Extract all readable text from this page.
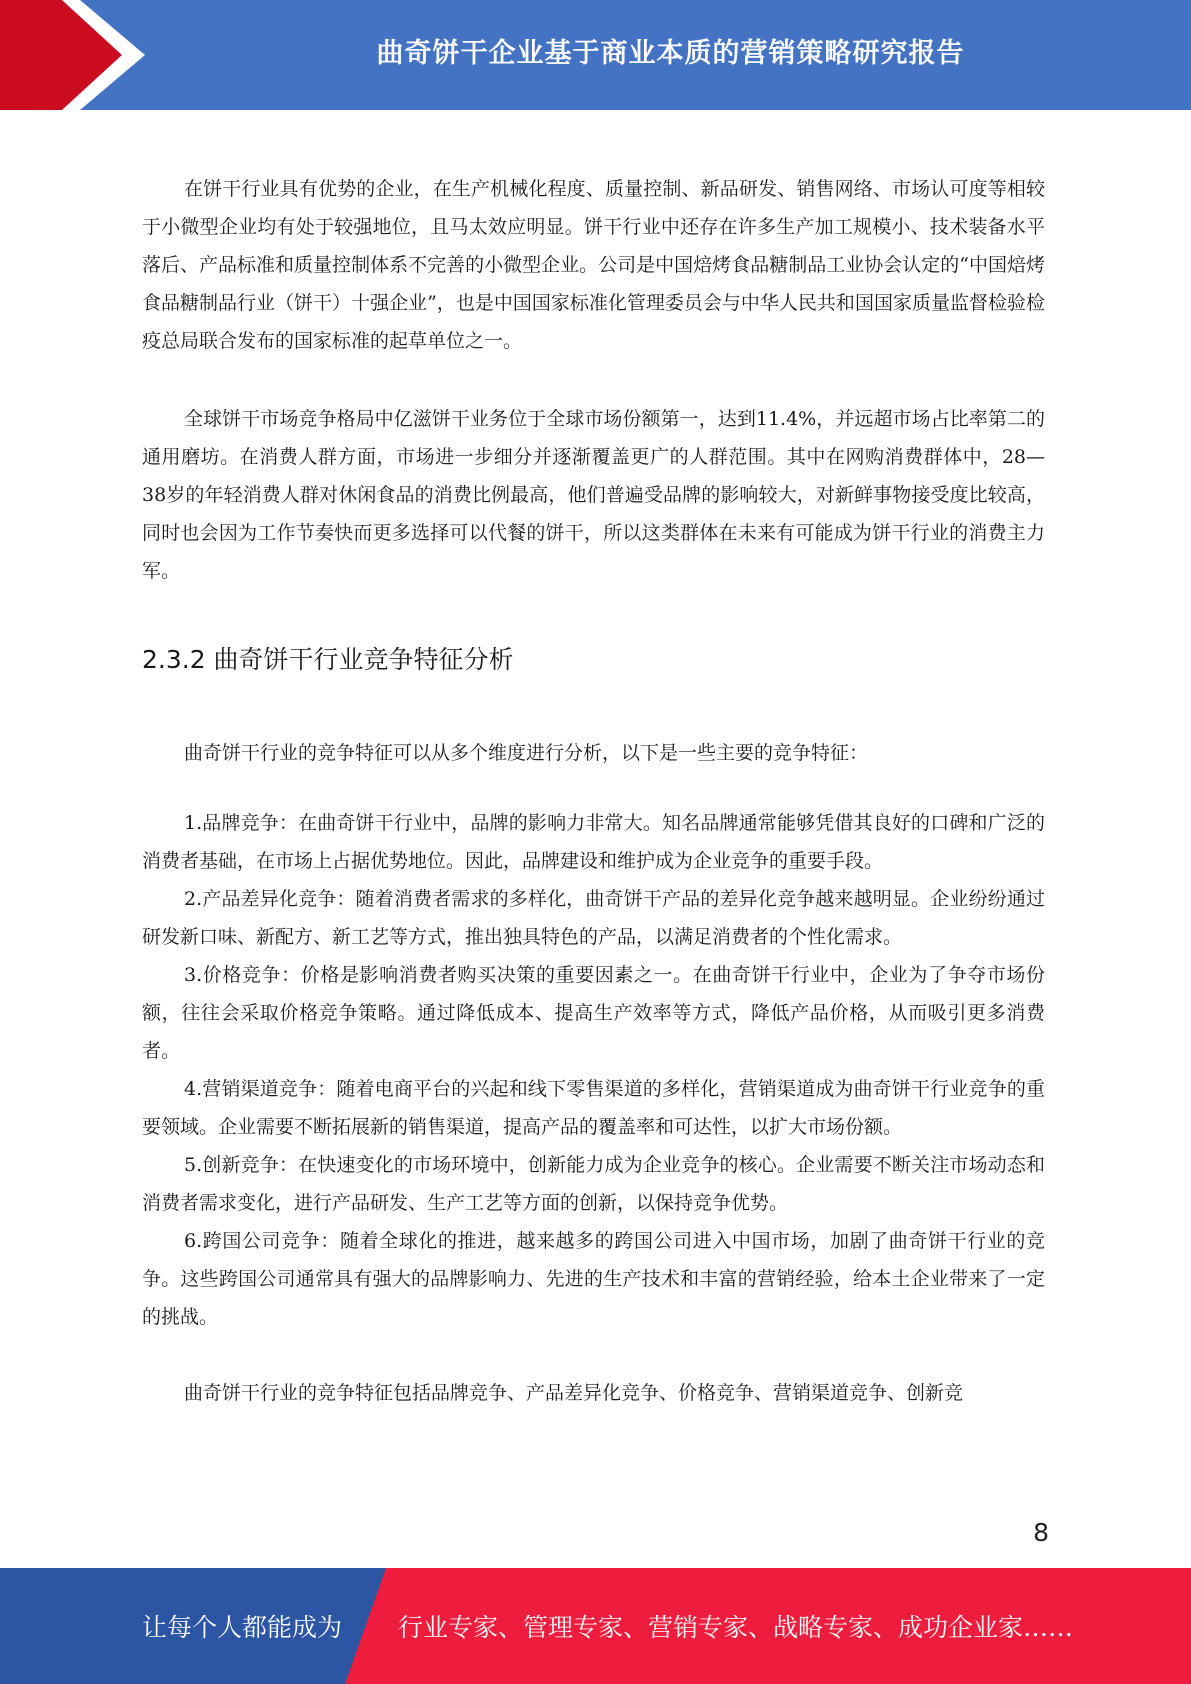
曲奇饼干企业基于商业本质的营销策略研究报告

在饼干行业具有优势的企业，在生产机械化程度、质量控制、新品研发、销售网络、市场认可度等相较于小微型企业均有处于较强地位，且马太效应明显。饼干行业中还存在许多生产加工规模小、技术装备水平落后、产品标准和质量控制体系不完善的小微型企业。公司是中国焙烤食品糖制品工业协会认定的“中国焙烤食品糖制品行业（饼干）十强企业”，也是中国国家标准化管理委员会与中华人民共和国国家质量监督检验检疫总局联合发布的国家标准的起草单位之一。

全球饼干市场竞争格局中亿滋饼干业务位于全球市场份额第一，达到11.4%，并远超市场占比率第二的通用磨坊。在消费人群方面，市场进一步细分并逐渐覆盖更广的人群范围。其中在网购消费群体中，28—38岁的年轻消费人群对休闲食品的消费比例最高，他们普遍受品牌的影响较大，对新鲜事物接受度比较高，同时也会因为工作节奏快而更多选择可以代餐的饼干，所以这类群体在未来有可能成为饼干行业的消费主力军。

2.3.2 曲奇饼干行业竞争特征分析

曲奇饼干行业的竞争特征可以从多个维度进行分析，以下是一些主要的竞争特征：

1.品牌竞争：在曲奇饼干行业中，品牌的影响力非常大。知名品牌通常能够凭借其良好的口碑和广泛的消费者基础，在市场上占据优势地位。因此，品牌建设和维护成为企业竞争的重要手段。
2.产品差异化竞争：随着消费者需求的多样化，曲奇饼干产品的差异化竞争越来越明显。企业纷纷通过研发新口味、新配方、新工艺等方式，推出独具特色的产品，以满足消费者的个性化需求。
3.价格竞争：价格是影响消费者购买决策的重要因素之一。在曲奇饼干行业中，企业为了争夺市场份额，往往会采取价格竞争策略。通过降低成本、提高生产效率等方式，降低产品价格，从而吸引更多消费者。
4.营销渠道竞争：随着电商平台的兴起和线下零售渠道的多样化，营销渠道成为曲奇饼干行业竞争的重要领域。企业需要不断拓展新的销售渠道，提高产品的覆盖率和可达性，以扩大市场份额。
5.创新竞争：在快速变化的市场环境中，创新能力成为企业竞争的核心。企业需要不断关注市场动态和消费者需求变化，进行产品研发、生产工艺等方面的创新，以保持竞争优势。
6.跨国公司竞争：随着全球化的推进，越来越多的跨国公司进入中国市场，加剧了曲奇饼干行业的竞争。这些跨国公司通常具有强大的品牌影响力、先进的生产技术和丰富的营销经验，给本土企业带来了一定的挑战。

曲奇饼干行业的竞争特征包括品牌竞争、产品差异化竞争、价格竞争、营销渠道竞争、创新竞

8
让每个人都能成为 行业专家、管理专家、营销专家、战略专家、成功企业家……
